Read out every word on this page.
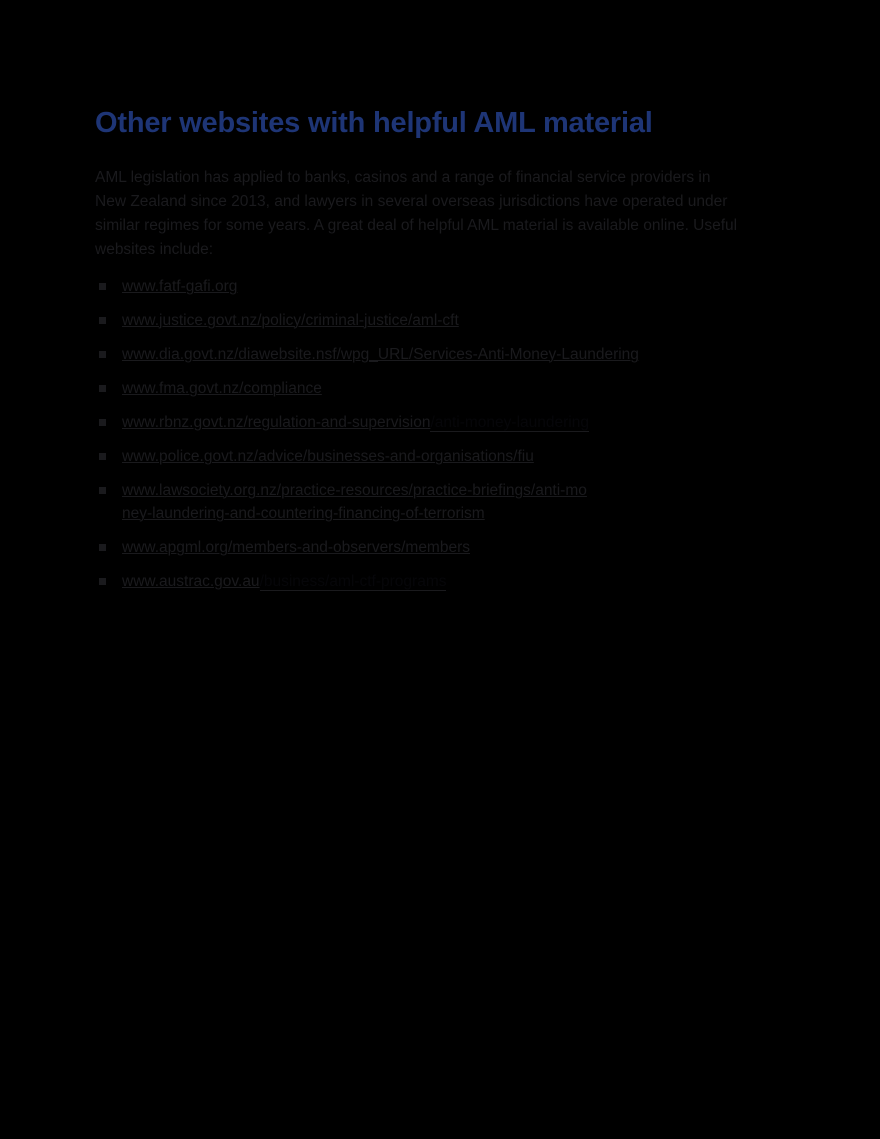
Other websites with helpful AML material

AML legislation has applied to banks, casinos and a range of financial service providers in New Zealand since 2013, and lawyers in several overseas jurisdictions have operated under similar regimes for some years. A great deal of helpful AML material is available online. Useful websites include:

www.fatf-gafi.org
www.justice.govt.nz/policy/criminal-justice/aml-cft
www.dia.govt.nz/diawebsite.nsf/wpg_URL/Services-Anti-Money-Laundering
www.fma.govt.nz/compliance
www.rbnz.govt.nz/regulation-and-supervision/anti-money-laundering
www.police.govt.nz/advice/businesses-and-organisations/fiu
www.lawsociety.org.nz/practice-resources/practice-briefings/anti-money-laundering-and-countering-financing-of-terrorism
www.apgml.org/members-and-observers/members
www.austrac.gov.au/business/aml-ctf-programs
